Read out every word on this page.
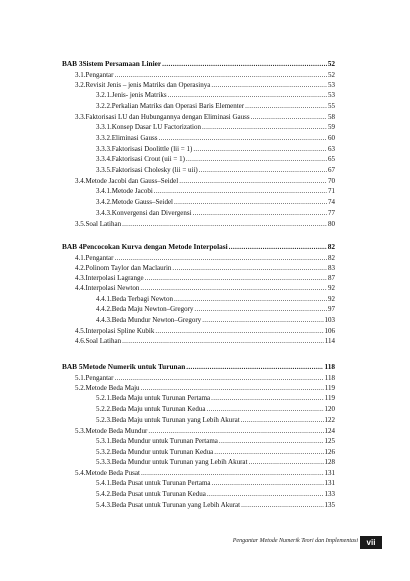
BAB 3 Sistem Persamaan Linier .....	52
3.1. Pengantar .....	52
3.2. Revisit Jenis – jenis Matriks dan Operasinya .....	53
3.2.1. Jenis- jenis Matriks .....	53
3.2.2. Perkalian Matriks dan Operasi Baris Elementer .....	55
3.3. Faktorisasi LU dan Hubungannya dengan Eliminasi Gauss .....	58
3.3.1. Konsep Dasar LU Factorization .....	59
3.3.2. Eliminasi Gauss .....	60
3.3.3. Faktorisasi Doolittle (lii = 1) .....	63
3.3.4. Faktorisasi Crout (uii = 1) .....	65
3.3.5. Faktorisasi Cholesky (lii = uii) .....	67
3.4. Metode Jacobi dan Gauss–Seidel .....	70
3.4.1. Metode Jacobi .....	71
3.4.2. Metode Gauss–Seidel .....	74
3.4.3. Konvergensi dan Divergensi .....	77
3.5. Soal Latihan .....	80
BAB 4 Pencocokan Kurva dengan Metode Interpolasi .....	82
4.1. Pengantar .....	82
4.2. Polinom Taylor dan Maclaurin .....	83
4.3. Interpolasi Lagrange .....	87
4.4. Interpolasi Newton .....	92
4.4.1. Beda Terbagi Newton .....	92
4.4.2. Beda Maju Newton–Gregory .....	97
4.4.3. Beda Mundur Newton–Gregory .....	103
4.5. Interpolasi Spline Kubik .....	106
4.6. Soal Latihan .....	114
BAB 5 Metode Numerik untuk Turunan .....	118
5.1. Pengantar .....	118
5.2. Metode Beda Maju .....	119
5.2.1. Beda Maju untuk Turunan Pertama .....	119
5.2.2. Beda Maju untuk Turunan Kedua .....	120
5.2.3. Beda Maju untuk Turunan yang Lebih Akurat .....	122
5.3. Metode Beda Mundur .....	124
5.3.1. Beda Mundur untuk Turunan Pertama .....	125
5.3.2. Beda Mundur untuk Turunan Kedua .....	126
5.3.3. Beda Mundur untuk Turunan yang Lebih Akurat .....	128
5.4. Metode Beda Pusat .....	131
5.4.1. Beda Pusat untuk Turunan Pertama .....	131
5.4.2. Beda Pusat untuk Turunan Kedua .....	133
5.4.3. Beda Pusat untuk Turunan yang Lebih Akurat .....	135
Pengantar Metode Numerik Teori dan Implementasi	vii
